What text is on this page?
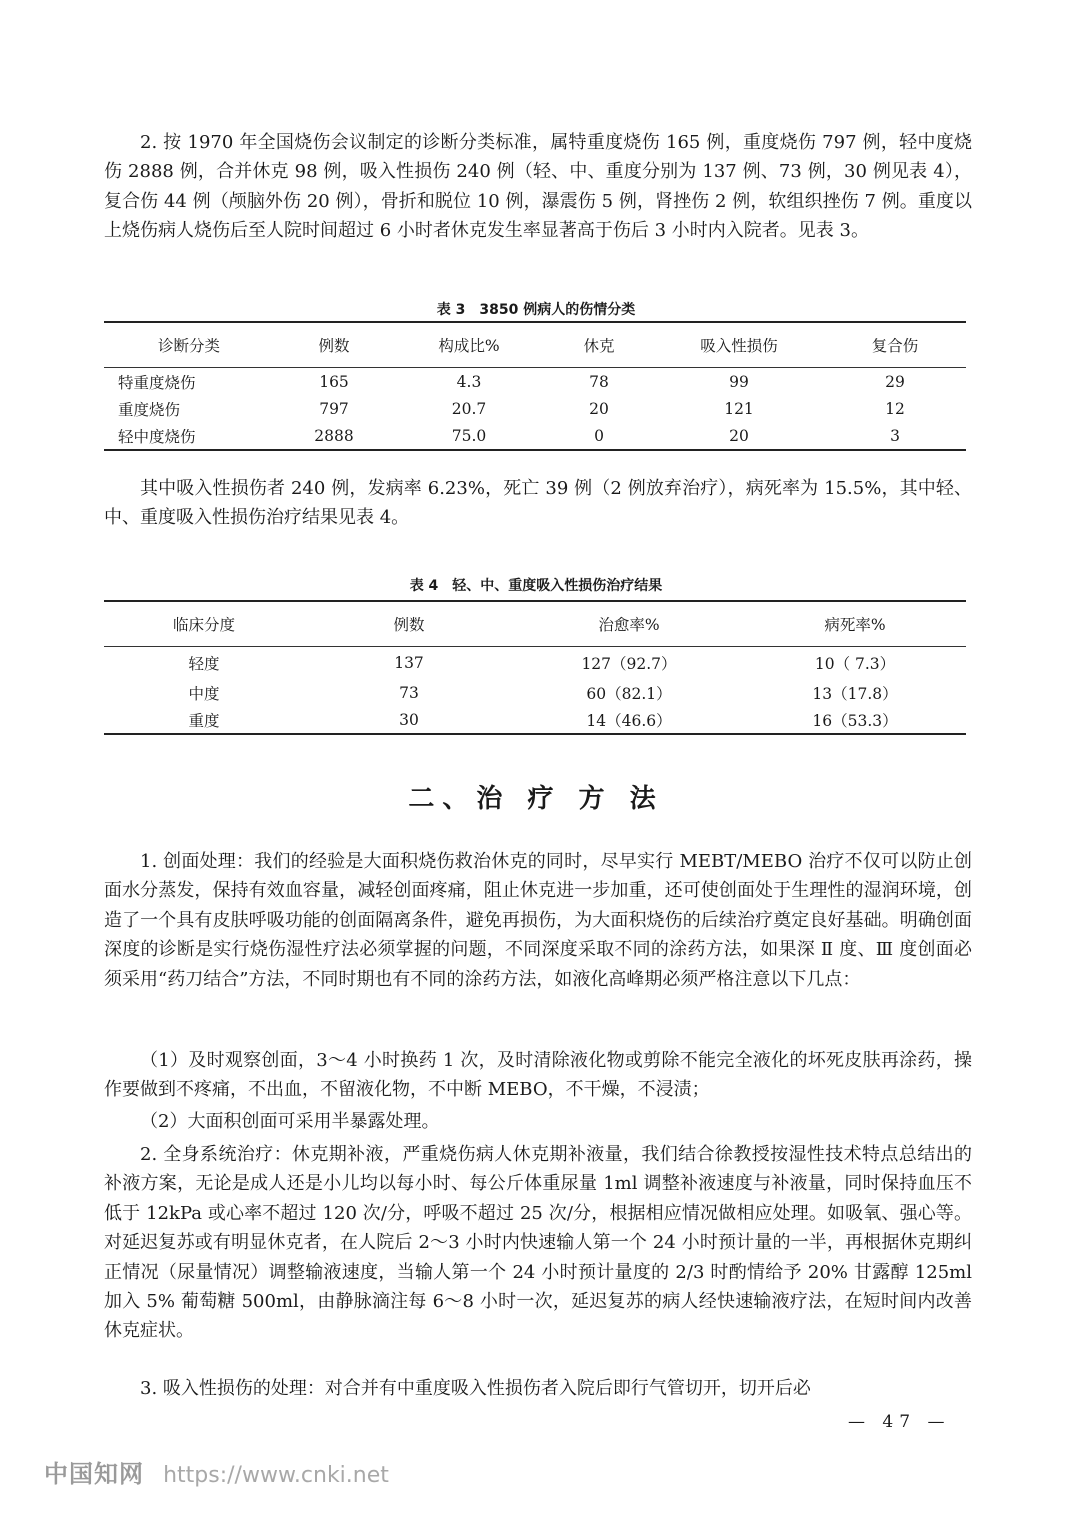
2. 按 1970 年全国烧伤会议制定的诊断分类标准，属特重度烧伤 165 例，重度烧伤 797 例，轻中度烧伤 2888 例，合并休克 98 例，吸入性损伤 240 例（轻、中、重度分别为 137 例、73 例，30 例见表 4），复合伤 44 例（颅脑外伤 20 例），骨折和脱位 10 例，瀑震伤 5 例，肾挫伤 2 例，软组织挫伤 7 例。重度以上烧伤病人烧伤后至人院时间超过 6 小时者休克发生率显著高于伤后 3 小时内入院者。见表 3。

表 3　3850 例病人的伤情分类

诊断分类	例数	构成比%	休克	吸入性损伤	复合伤
特重度烧伤	165	4.3	78	99	29
重度烧伤	797	20.7	20	121	12
轻中度烧伤	2888	75.0	0	20	3

其中吸入性损伤者 240 例，发病率 6.23%，死亡 39 例（2 例放弃治疗），病死率为 15.5%，其中轻、中、重度吸入性损伤治疗结果见表 4。

表 4　轻、中、重度吸入性损伤治疗结果

临床分度	例数	治愈率%	病死率%
轻度	137	127（92.7）	10（ 7.3）
中度	73	60（82.1）	13（17.8）
重度	30	14（46.6）	16（53.3）
二、治 疗 方 法

1. 创面处理：我们的经验是大面积烧伤救治休克的同时，尽早实行 MEBT/MEBO 治疗不仅可以防止创面水分蒸发，保持有效血容量，减轻创面疼痛，阻止休克进一步加重，还可使创面处于生理性的湿润环境，创造了一个具有皮肤呼吸功能的创面隔离条件，避免再损伤，为大面积烧伤的后续治疗奠定良好基础。明确创面深度的诊断是实行烧伤湿性疗法必须掌握的问题，不同深度采取不同的涂药方法，如果深 Ⅱ 度、Ⅲ 度创面必须采用“药刀结合”方法，不同时期也有不同的涂药方法，如液化高峰期必须严格注意以下几点：

（1）及时观察创面，3～4 小时换药 1 次，及时清除液化物或剪除不能完全液化的坏死皮肤再涂药，操作要做到不疼痛，不出血，不留液化物，不中断 MEBO，不干燥，不浸渍；

（2）大面积创面可采用半暴露处理。

2. 全身系统治疗：休克期补液，严重烧伤病人休克期补液量，我们结合徐教授按湿性技术特点总结出的补液方案，无论是成人还是小儿均以每小时、每公斤体重尿量 1ml 调整补液速度与补液量，同时保持血压不低于 12kPa 或心率不超过 120 次/分，呼吸不超过 25 次/分，根据相应情况做相应处理。如吸氧、强心等。对延迟复苏或有明显休克者，在人院后 2～3 小时内快速输人第一个 24 小时预计量的一半，再根据休克期纠正情况（尿量情况）调整输液速度，当输人第一个 24 小时预计量度的 2/3 时酌情给予 20% 甘露醇 125ml 加入 5% 葡萄糖 500ml，由静脉滴注每 6～8 小时一次，延迟复苏的病人经快速输液疗法，在短时间内改善休克症状。

3. 吸入性损伤的处理：对合并有中重度吸入性损伤者入院后即行气管切开，切开后必

— 47 —
中国知网 https://www.cnki.net
